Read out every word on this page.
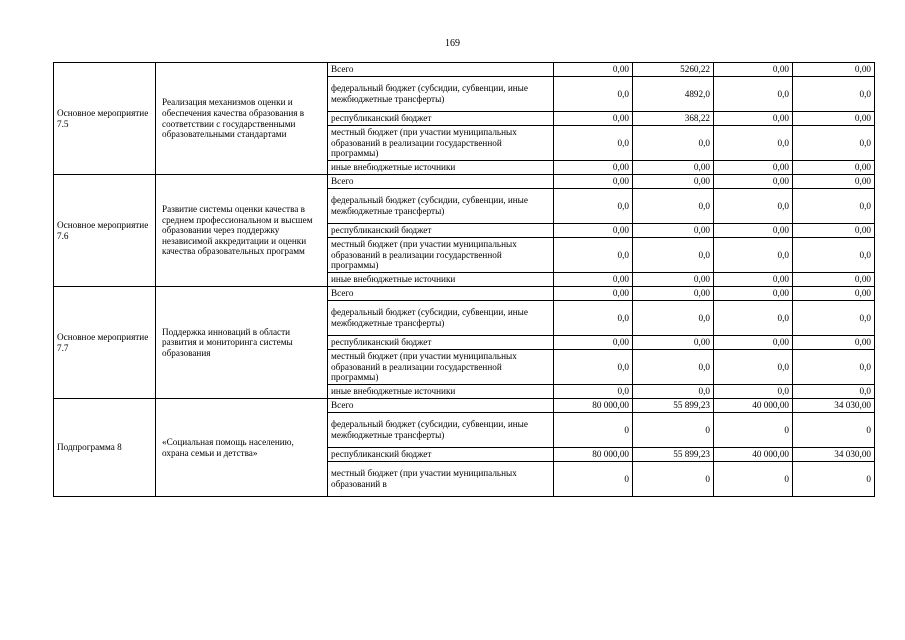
169
Основное мероприятие 7.5	Реализация механизмов оценки и обеспечения качества образования в соответствии с государственными образовательными стандартами	Всего	0,00	5260,22	0,00	0,00
		федеральный бюджет (субсидии, субвенции, иные межбюджетные трансферты)	0,0	4892,0	0,0	0,0
		республиканский бюджет	0,00	368,22	0,00	0,00
		местный бюджет (при участии муниципальных образований в реализации государственной программы)	0,0	0,0	0,0	0,0
		иные внебюджетные источники	0,00	0,00	0,00	0,00
Основное мероприятие 7.6	Развитие системы оценки качества в среднем профессиональном и высшем образовании через поддержку независимой аккредитации и оценки качества образовательных программ	Всего	0,00	0,00	0,00	0,00
		федеральный бюджет (субсидии, субвенции, иные межбюджетные трансферты)	0,0	0,0	0,0	0,0
		республиканский бюджет	0,00	0,00	0,00	0,00
		местный бюджет (при участии муниципальных образований в реализации государственной программы)	0,0	0,0	0,0	0,0
		иные внебюджетные источники	0,00	0,00	0,00	0,00
Основное мероприятие 7.7	Поддержка инноваций в области развития и мониторинга системы образования	Всего	0,00	0,00	0,00	0,00
		федеральный бюджет (субсидии, субвенции, иные межбюджетные трансферты)	0,0	0,0	0,0	0,0
		республиканский бюджет	0,00	0,00	0,00	0,00
		местный бюджет (при участии муниципальных образований в реализации государственной программы)	0,0	0,0	0,0	0,0
		иные внебюджетные источники	0,0	0,0	0,0	0,0
Подпрограмма 8	«Социальная помощь населению, охрана семьи и детства»	Всего	80 000,00	55 899,23	40 000,00	34 030,00
		федеральный бюджет (субсидии, субвенции, иные межбюджетные трансферты)	0	0	0	0
		республиканский бюджет	80 000,00	55 899,23	40 000,00	34 030,00
		местный бюджет (при участии муниципальных образований в	0	0	0	0
